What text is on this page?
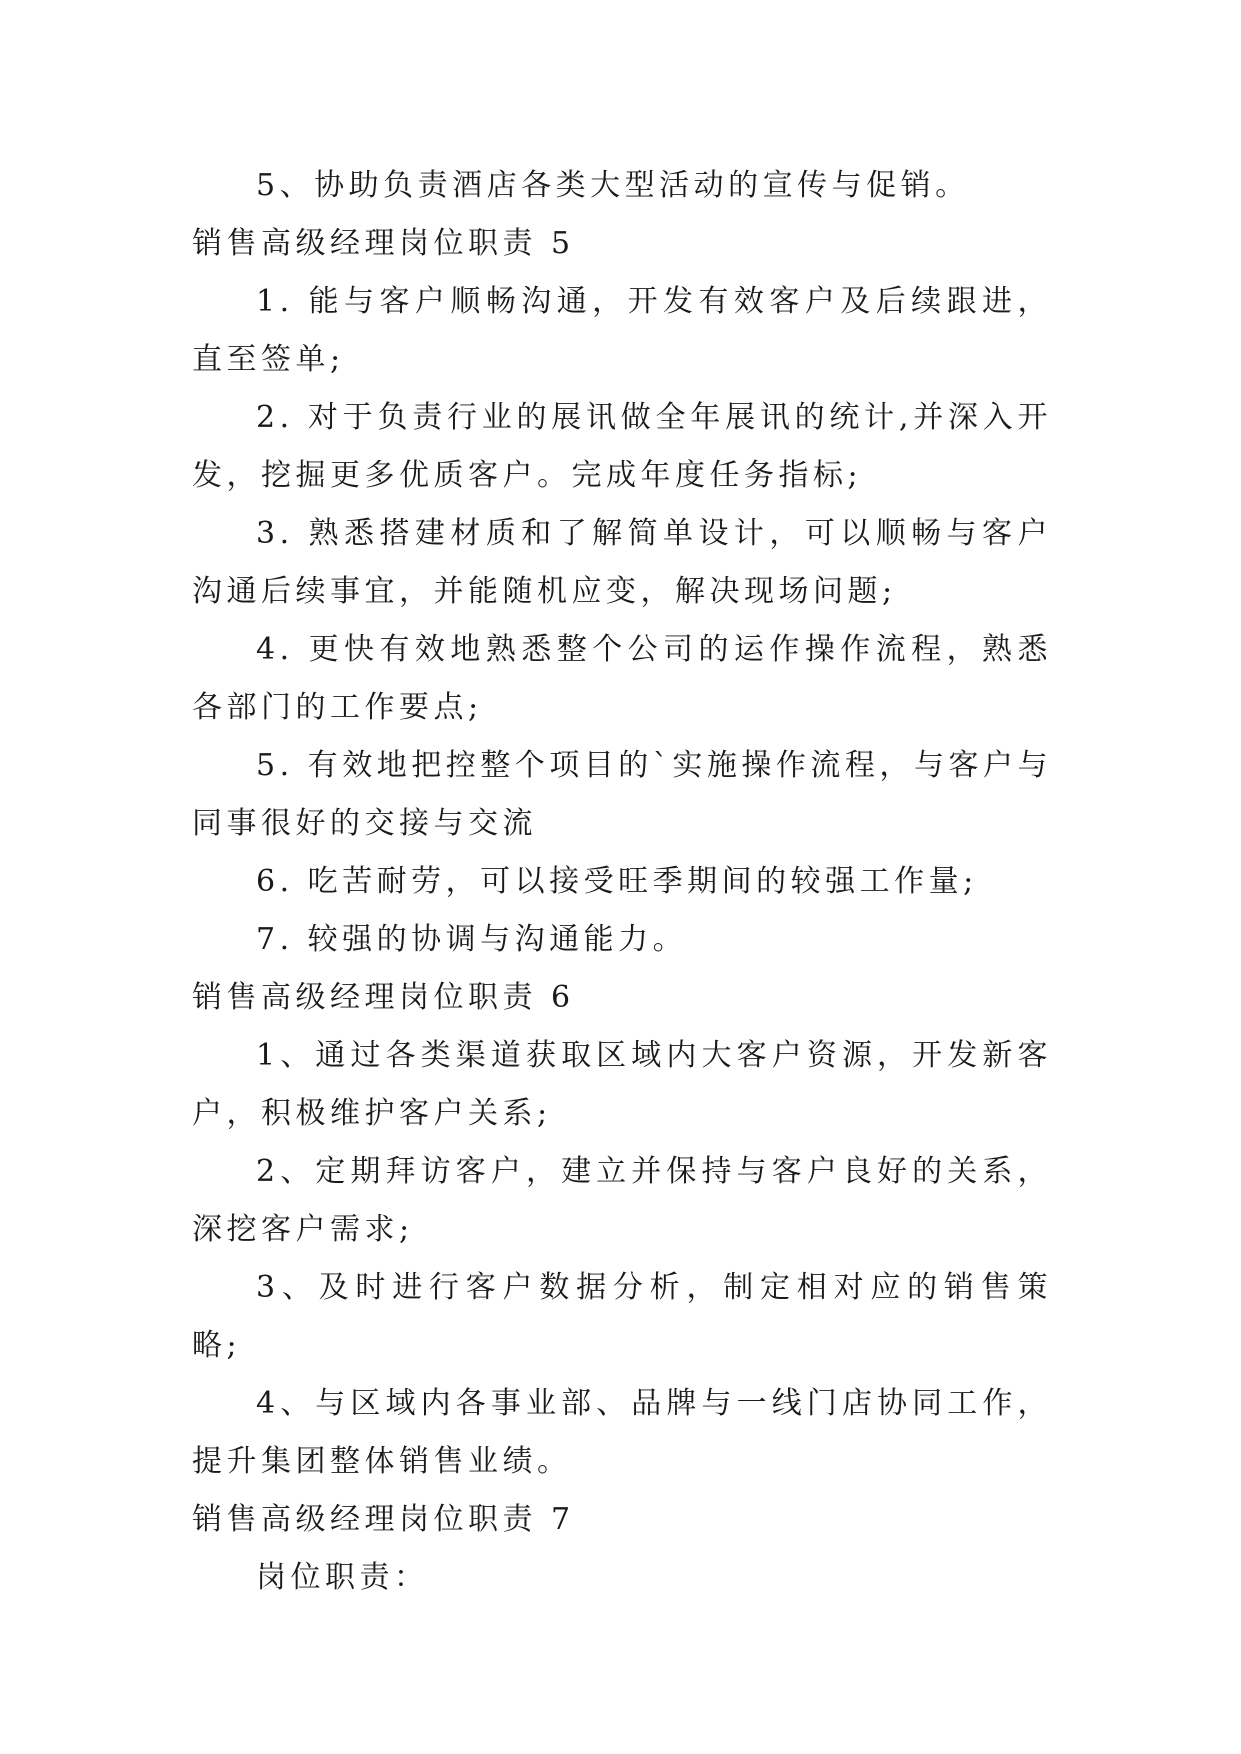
5、协助负责酒店各类大型活动的宣传与促销。

销售高级经理岗位职责 5

1. 能与客户顺畅沟通，开发有效客户及后续跟进，直至签单;

2. 对于负责行业的展讯做全年展讯的统计,并深入开发，挖掘更多优质客户。完成年度任务指标;

3. 熟悉搭建材质和了解简单设计，可以顺畅与客户沟通后续事宜，并能随机应变，解决现场问题;

4. 更快有效地熟悉整个公司的运作操作流程，熟悉各部门的工作要点;

5. 有效地把控整个项目的`实施操作流程，与客户与同事很好的交接与交流

6. 吃苦耐劳，可以接受旺季期间的较强工作量;

7. 较强的协调与沟通能力。

销售高级经理岗位职责 6

1、通过各类渠道获取区域内大客户资源，开发新客户，积极维护客户关系;

2、定期拜访客户，建立并保持与客户良好的关系，深挖客户需求;

3、及时进行客户数据分析，制定相对应的销售策略;

4、与区域内各事业部、品牌与一线门店协同工作，提升集团整体销售业绩。

销售高级经理岗位职责 7

岗位职责：
